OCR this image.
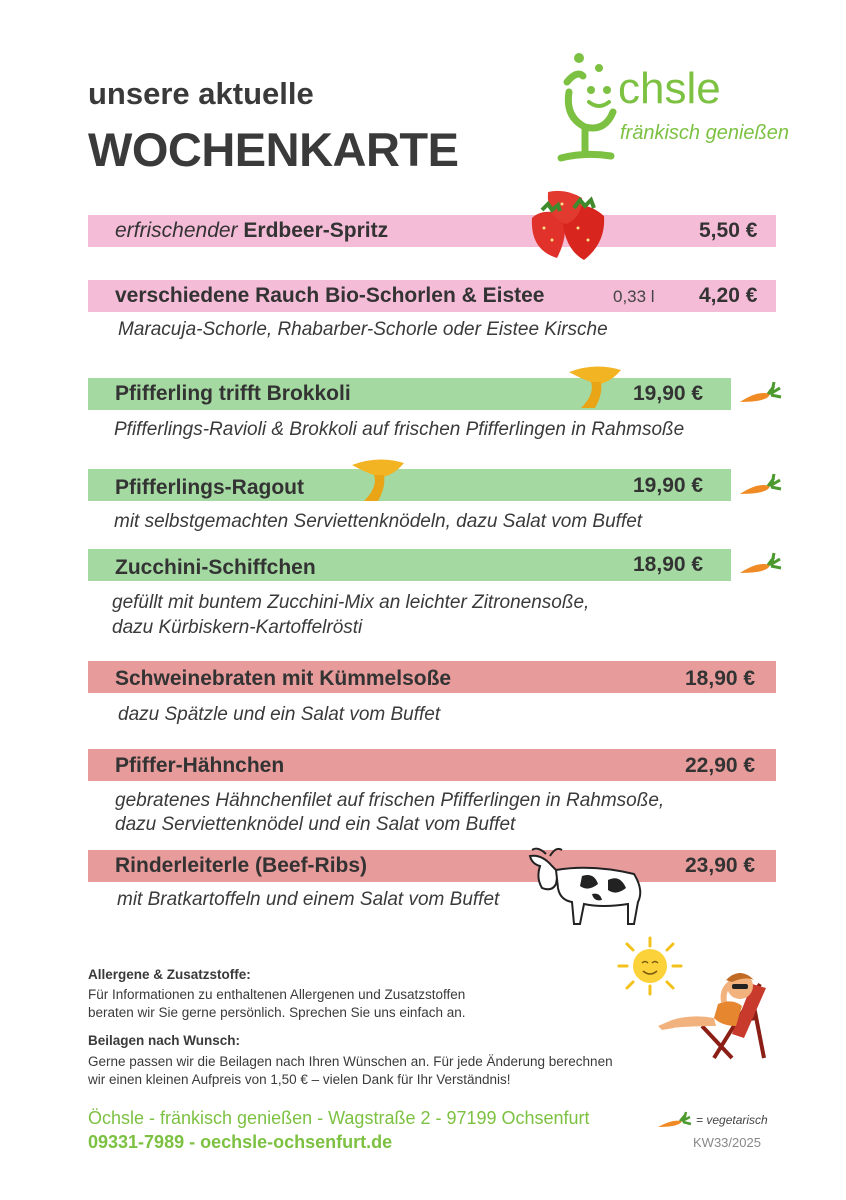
unsere aktuelle
WOCHENKARTE
chsle
fränkisch genießen
erfrischender Erdbeer-Spritz	5,50 €
verschiedene Rauch Bio-Schorlen & Eistee	0,33 l 4,20 €
Maracuja-Schorle, Rhabarber-Schorle oder Eistee Kirsche
Pfifferling trifft Brokkoli	19,90 €
Pfifferlings-Ravioli & Brokkoli auf frischen Pfifferlingen in Rahmsoße
Pfifferlings-Ragout	19,90 €
mit selbstgemachten Serviettenknödeln, dazu Salat vom Buffet
Zucchini-Schiffchen	18,90 €
gefüllt mit buntem Zucchini-Mix an leichter Zitronensoße,
dazu Kürbiskern-Kartoffelrösti
Schweinebraten mit Kümmelsoße	18,90 €
dazu Spätzle und ein Salat vom Buffet
Pfiffer-Hähnchen	22,90 €
gebratenes Hähnchenfilet auf frischen Pfifferlingen in Rahmsoße,
dazu Serviettenknödel und ein Salat vom Buffet
Rinderleiterle (Beef-Ribs)	23,90 €
mit Bratkartoffeln und einem Salat vom Buffet
Allergene & Zusatzstoffe:
Für Informationen zu enthaltenen Allergenen und Zusatzstoffen
beraten wir Sie gerne persönlich. Sprechen Sie uns einfach an.
Beilagen nach Wunsch:
Gerne passen wir die Beilagen nach Ihren Wünschen an. Für jede Änderung berechnen
wir einen kleinen Aufpreis von 1,50 € – vielen Dank für Ihr Verständnis!
Öchsle - fränkisch genießen - Wagstraße 2 - 97199 Ochsenfurt
09331-7989 - oechsle-ochsenfurt.de
= vegetarisch
KW33/2025
